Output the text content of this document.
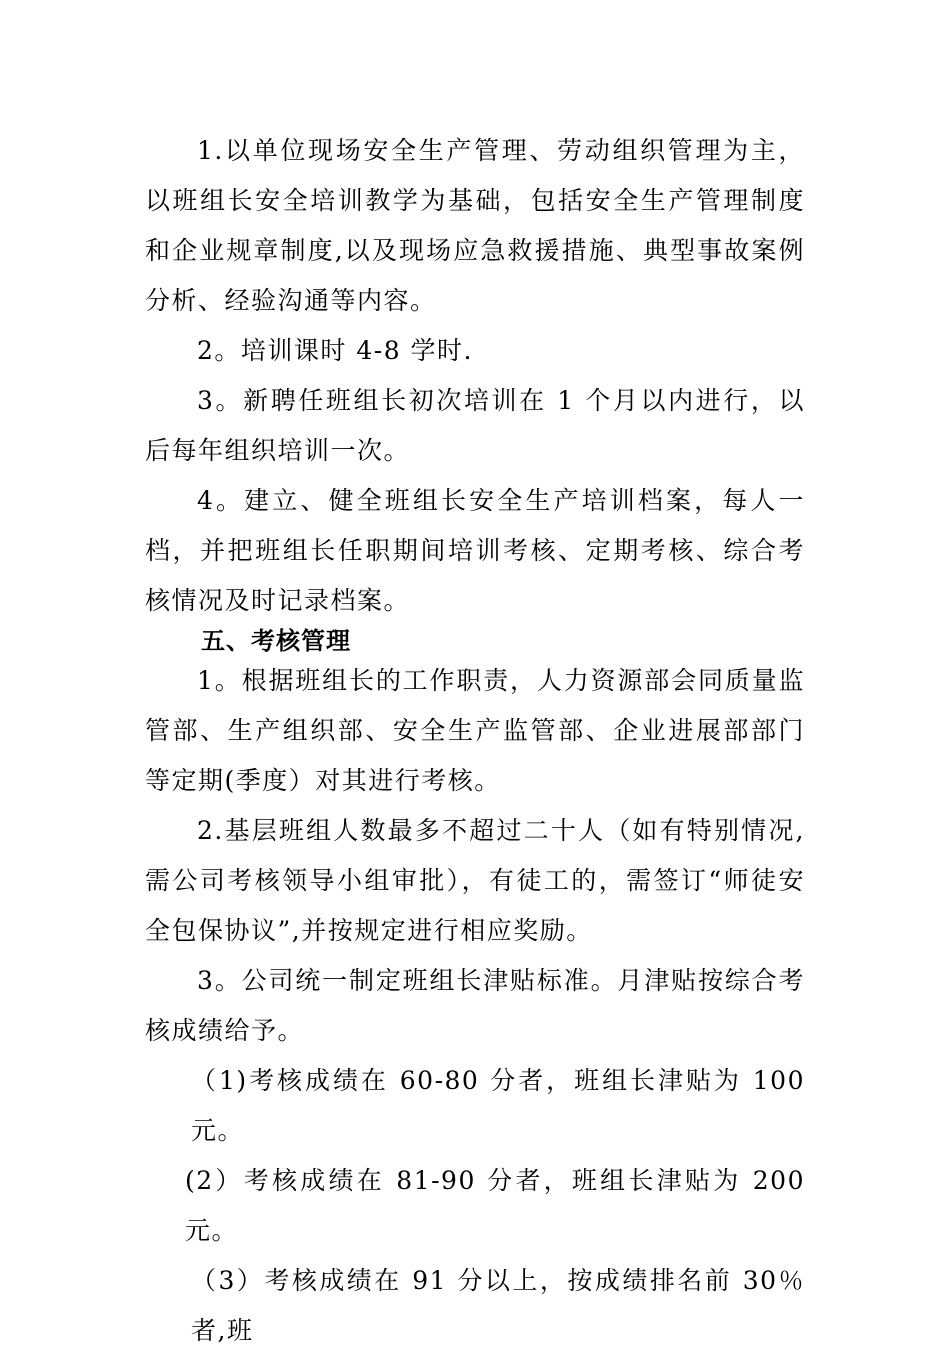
1.以单位现场安全生产管理、劳动组织管理为主，以班组长安全培训教学为基础，包括安全生产管理制度和企业规章制度,以及现场应急救援措施、典型事故案例分析、经验沟通等内容。

2。培训课时 4-8 学时.

3。新聘任班组长初次培训在 1 个月以内进行，以后每年组织培训一次。

4。建立、健全班组长安全生产培训档案，每人一档，并把班组长任职期间培训考核、定期考核、综合考核情况及时记录档案。

五、考核管理

1。根据班组长的工作职责，人力资源部会同质量监管部、生产组织部、安全生产监管部、企业进展部部门等定期(季度）对其进行考核。

2.基层班组人数最多不超过二十人（如有特别情况,需公司考核领导小组审批），有徒工的，需签订“师徒安全包保协议”,并按规定进行相应奖励。

3。公司统一制定班组长津贴标准。月津贴按综合考核成绩给予。

（1)考核成绩在 60-80 分者，班组长津贴为 100 元。

(2）考核成绩在 81-90 分者，班组长津贴为 200 元。

（3）考核成绩在 91 分以上，按成绩排名前 30％者,班
